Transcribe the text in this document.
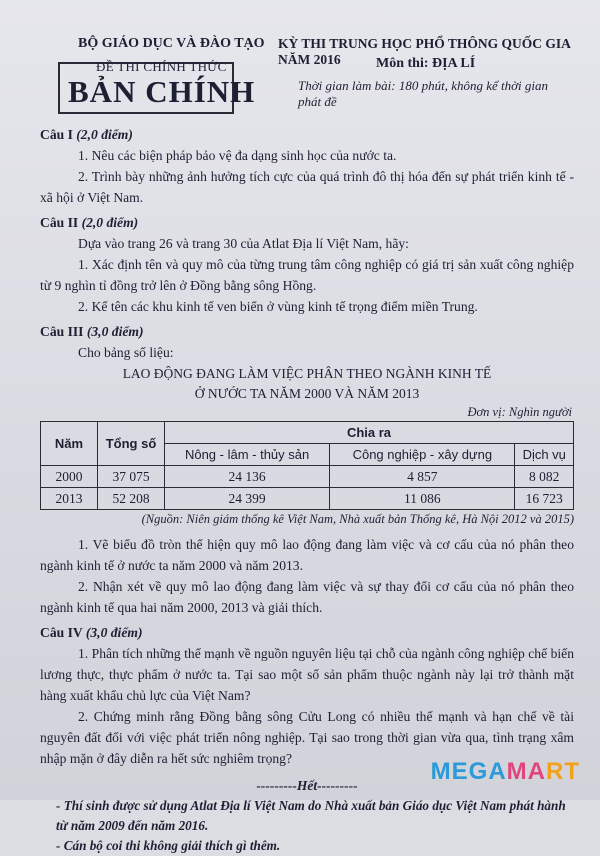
BỘ GIÁO DỤC VÀ ĐÀO TẠO
ĐỀ THI CHÍNH THỨC
BẢN CHÍNH
KỲ THI TRUNG HỌC PHỔ THÔNG QUỐC GIA NĂM 2016	Môn thi: ĐỊA LÍ
Thời gian làm bài: 180 phút, không kể thời gian phát đề
Câu I (2,0 điểm)

1. Nêu các biện pháp bảo vệ đa dạng sinh học của nước ta.

2. Trình bày những ảnh hưởng tích cực của quá trình đô thị hóa đến sự phát triển kinh tế - xã hội ở Việt Nam.

Câu II (2,0 điểm)

Dựa vào trang 26 và trang 30 của Atlat Địa lí Việt Nam, hãy:

1. Xác định tên và quy mô của từng trung tâm công nghiệp có giá trị sản xuất công nghiệp từ 9 nghìn tỉ đồng trở lên ở Đồng bằng sông Hồng.

2. Kể tên các khu kinh tế ven biển ở vùng kinh tế trọng điểm miền Trung.

Câu III (3,0 điểm)

Cho bảng số liệu:

LAO ĐỘNG ĐANG LÀM VIỆC PHÂN THEO NGÀNH KINH TẾ
Ở NƯỚC TA NĂM 2000 VÀ NĂM 2013
Đơn vị: Nghìn người
Năm	Tổng số	Chia ra		
		Nông - lâm - thủy sản	Công nghiệp - xây dựng	Dịch vụ
2000	37 075	24 136	4 857	8 082
2013	52 208	24 399	11 086	16 723
(Nguồn: Niên giám thống kê Việt Nam, Nhà xuất bản Thống kê, Hà Nội 2012 và 2015)

1. Vẽ biểu đồ tròn thể hiện quy mô lao động đang làm việc và cơ cấu của nó phân theo ngành kinh tế ở nước ta năm 2000 và năm 2013.

2. Nhận xét về quy mô lao động đang làm việc và sự thay đổi cơ cấu của nó phân theo ngành kinh tế qua hai năm 2000, 2013 và giải thích.

Câu IV (3,0 điểm)

1. Phân tích những thế mạnh về nguồn nguyên liệu tại chỗ của ngành công nghiệp chế biến lương thực, thực phẩm ở nước ta. Tại sao một số sản phẩm thuộc ngành này lại trở thành mặt hàng xuất khẩu chủ lực của Việt Nam?

2. Chứng minh rằng Đồng bằng sông Cửu Long có nhiều thế mạnh và hạn chế về tài nguyên đất đối với việc phát triển nông nghiệp. Tại sao trong thời gian vừa qua, tình trạng xâm nhập mặn ở đây diễn ra hết sức nghiêm trọng?

---------Hết---------

- Thí sinh được sử dụng Atlat Địa lí Việt Nam do Nhà xuất bản Giáo dục Việt Nam phát hành từ năm 2009 đến năm 2016.

- Cán bộ coi thi không giải thích gì thêm.

MEGAMART
